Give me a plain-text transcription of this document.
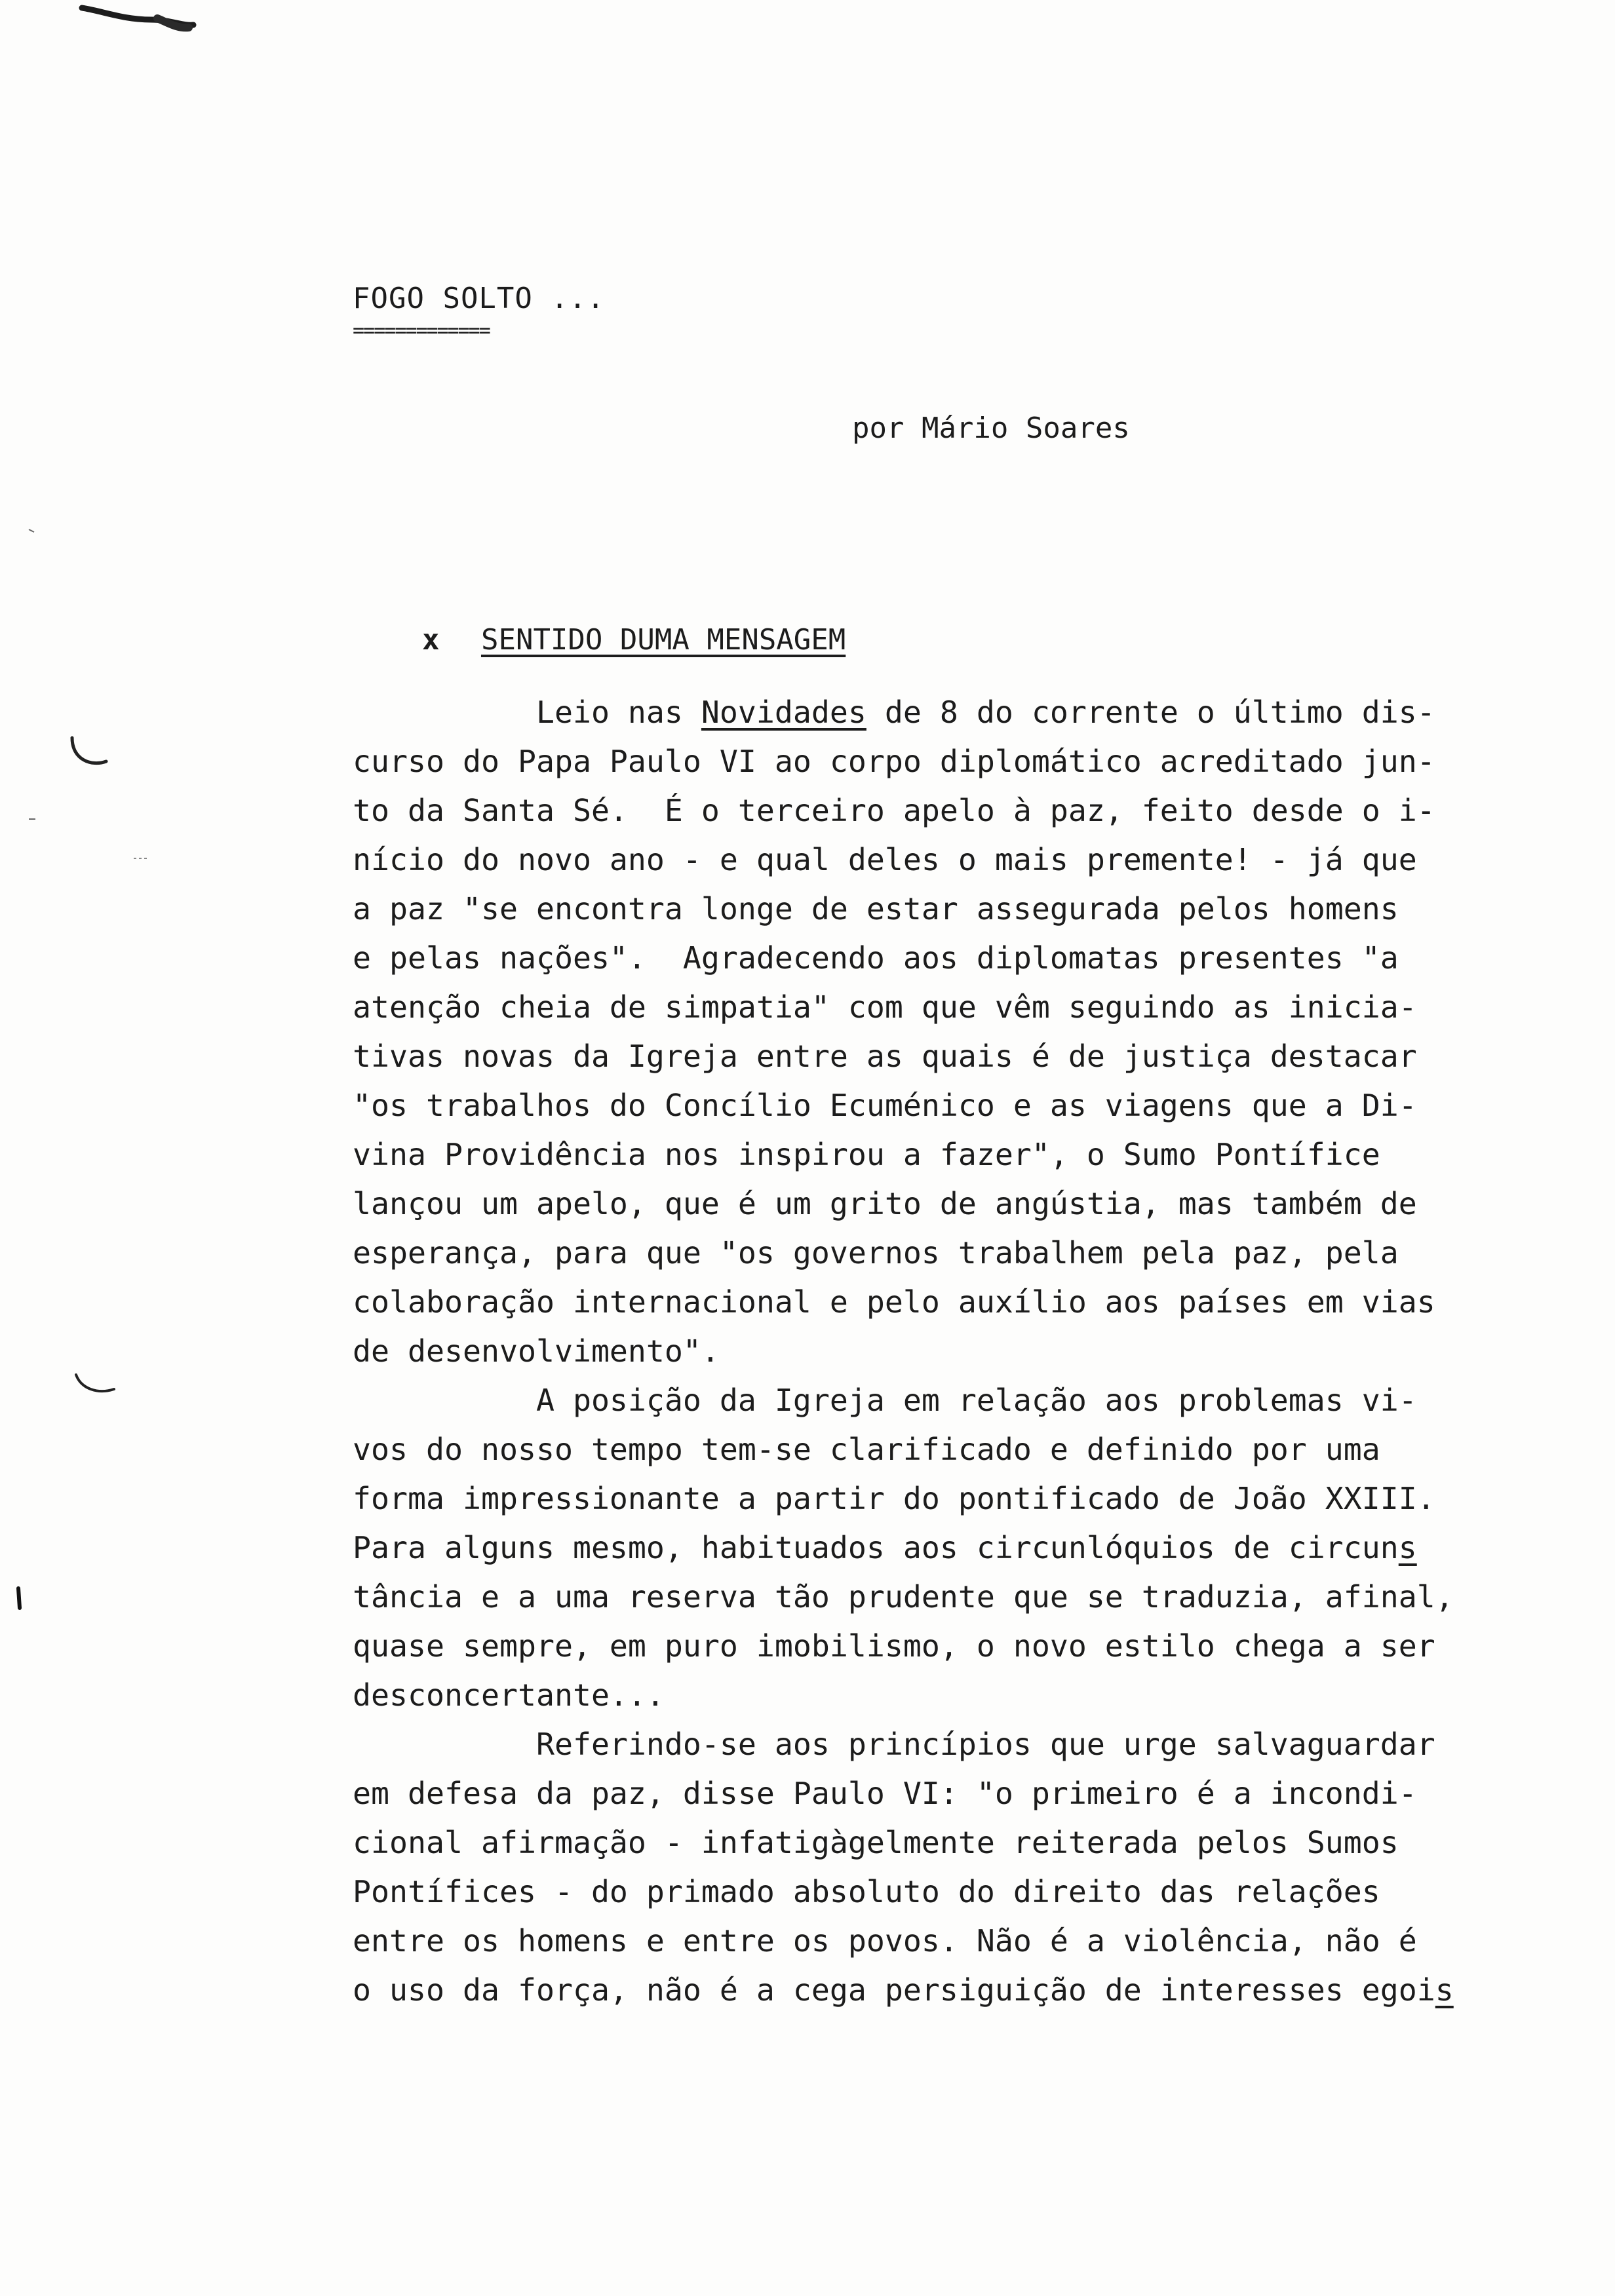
FOGO SOLTO ...
=============
por Mário Soares

x SENTIDO DUMA MENSAGEM

Leio nas Novidades de 8 do corrente o último dis-
curso do Papa Paulo VI ao corpo diplomático acreditado jun-
to da Santa Sé.  É o terceiro apelo à paz, feito desde o i-
nício do novo ano - e qual deles o mais premente! - já que
a paz "se encontra longe de estar assegurada pelos homens
e pelas nações".  Agradecendo aos diplomatas presentes "a
atenção cheia de simpatia" com que vêm seguindo as inicia-
tivas novas da Igreja entre as quais é de justiça destacar
"os trabalhos do Concílio Ecuménico e as viagens que a Di-
vina Providência nos inspirou a fazer", o Sumo Pontífice
lançou um apelo, que é um grito de angústia, mas também de
esperança, para que "os governos trabalhem pela paz, pela
colaboração internacional e pelo auxílio aos países em vias
de desenvolvimento".
A posição da Igreja em relação aos problemas vi-
vos do nosso tempo tem-se clarificado e definido por uma
forma impressionante a partir do pontificado de João XXIII.
Para alguns mesmo, habituados aos circunlóquios de circuns
tância e a uma reserva tão prudente que se traduzia, afinal,
quase sempre, em puro imobilismo, o novo estilo chega a ser
desconcertante...
Referindo-se aos princípios que urge salvaguardar
em defesa da paz, disse Paulo VI: "o primeiro é a incondi-
cional afirmação - infatigàgelmente reiterada pelos Sumos
Pontífices - do primado absoluto do direito das relações
entre os homens e entre os povos. Não é a violência, não é
o uso da força, não é a cega persiguição de interesses egois
